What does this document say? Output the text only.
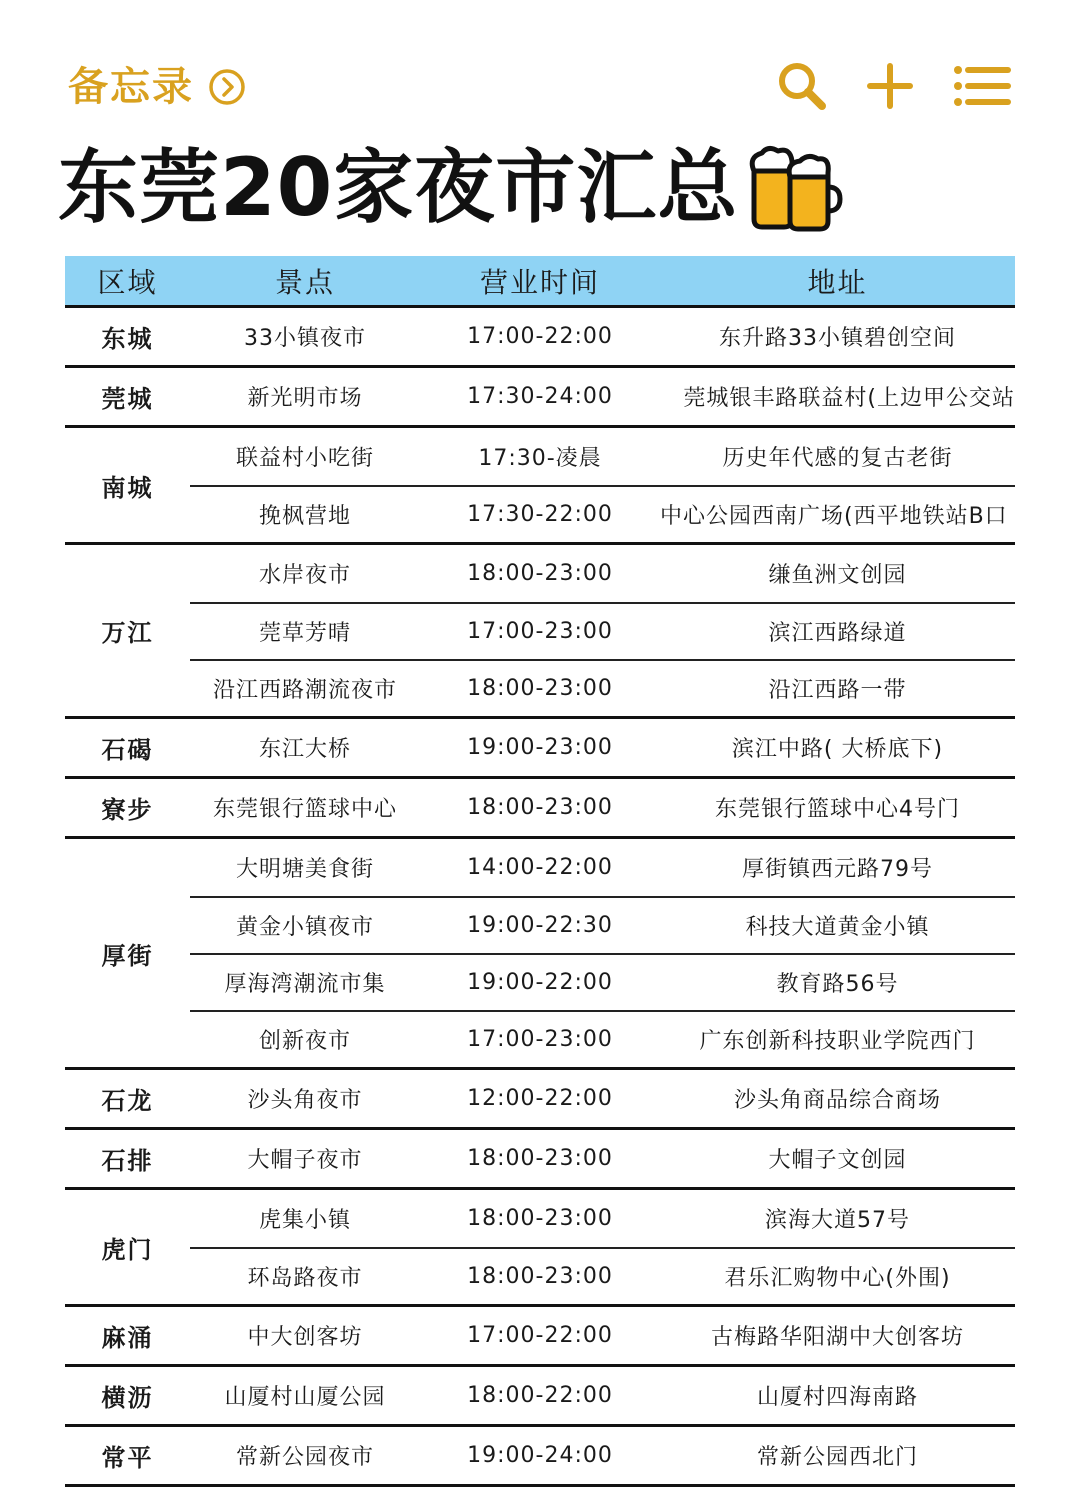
备忘录
东莞20家夜市汇总
区域	景点	营业时间	地址
东城	33小镇夜市	17:00-22:00	东升路33小镇碧创空间
莞城	新光明市场	17:30-24:00	莞城银丰路联益村(上边甲公交站
南城
联益村小吃街	17:30-凌晨	历史年代感的复古老街
挽枫营地	17:30-22:00	中心公园西南广场(西平地铁站B口
万江
水岸夜市	18:00-23:00	缣鱼洲文创园
莞草芳晴	17:00-23:00	滨江西路绿道
沿江西路潮流夜市	18:00-23:00	沿江西路一带
石碣	东江大桥	19:00-23:00	滨江中路( 大桥底下)
寮步	东莞银行篮球中心	18:00-23:00	东莞银行篮球中心4号门
厚街
大明塘美食街	14:00-22:00	厚街镇西元路79号
黄金小镇夜市	19:00-22:30	科技大道黄金小镇
厚海湾潮流市集	19:00-22:00	教育路56号
创新夜市	17:00-23:00	广东创新科技职业学院西门
石龙	沙头角夜市	12:00-22:00	沙头角商品综合商场
石排	大帽子夜市	18:00-23:00	大帽子文创园
虎门
虎集小镇	18:00-23:00	滨海大道57号
环岛路夜市	18:00-23:00	君乐汇购物中心(外围)
麻涌	中大创客坊	17:00-22:00	古梅路华阳湖中大创客坊
横沥	山厦村山厦公园	18:00-22:00	山厦村四海南路
常平	常新公园夜市	19:00-24:00	常新公园西北门
